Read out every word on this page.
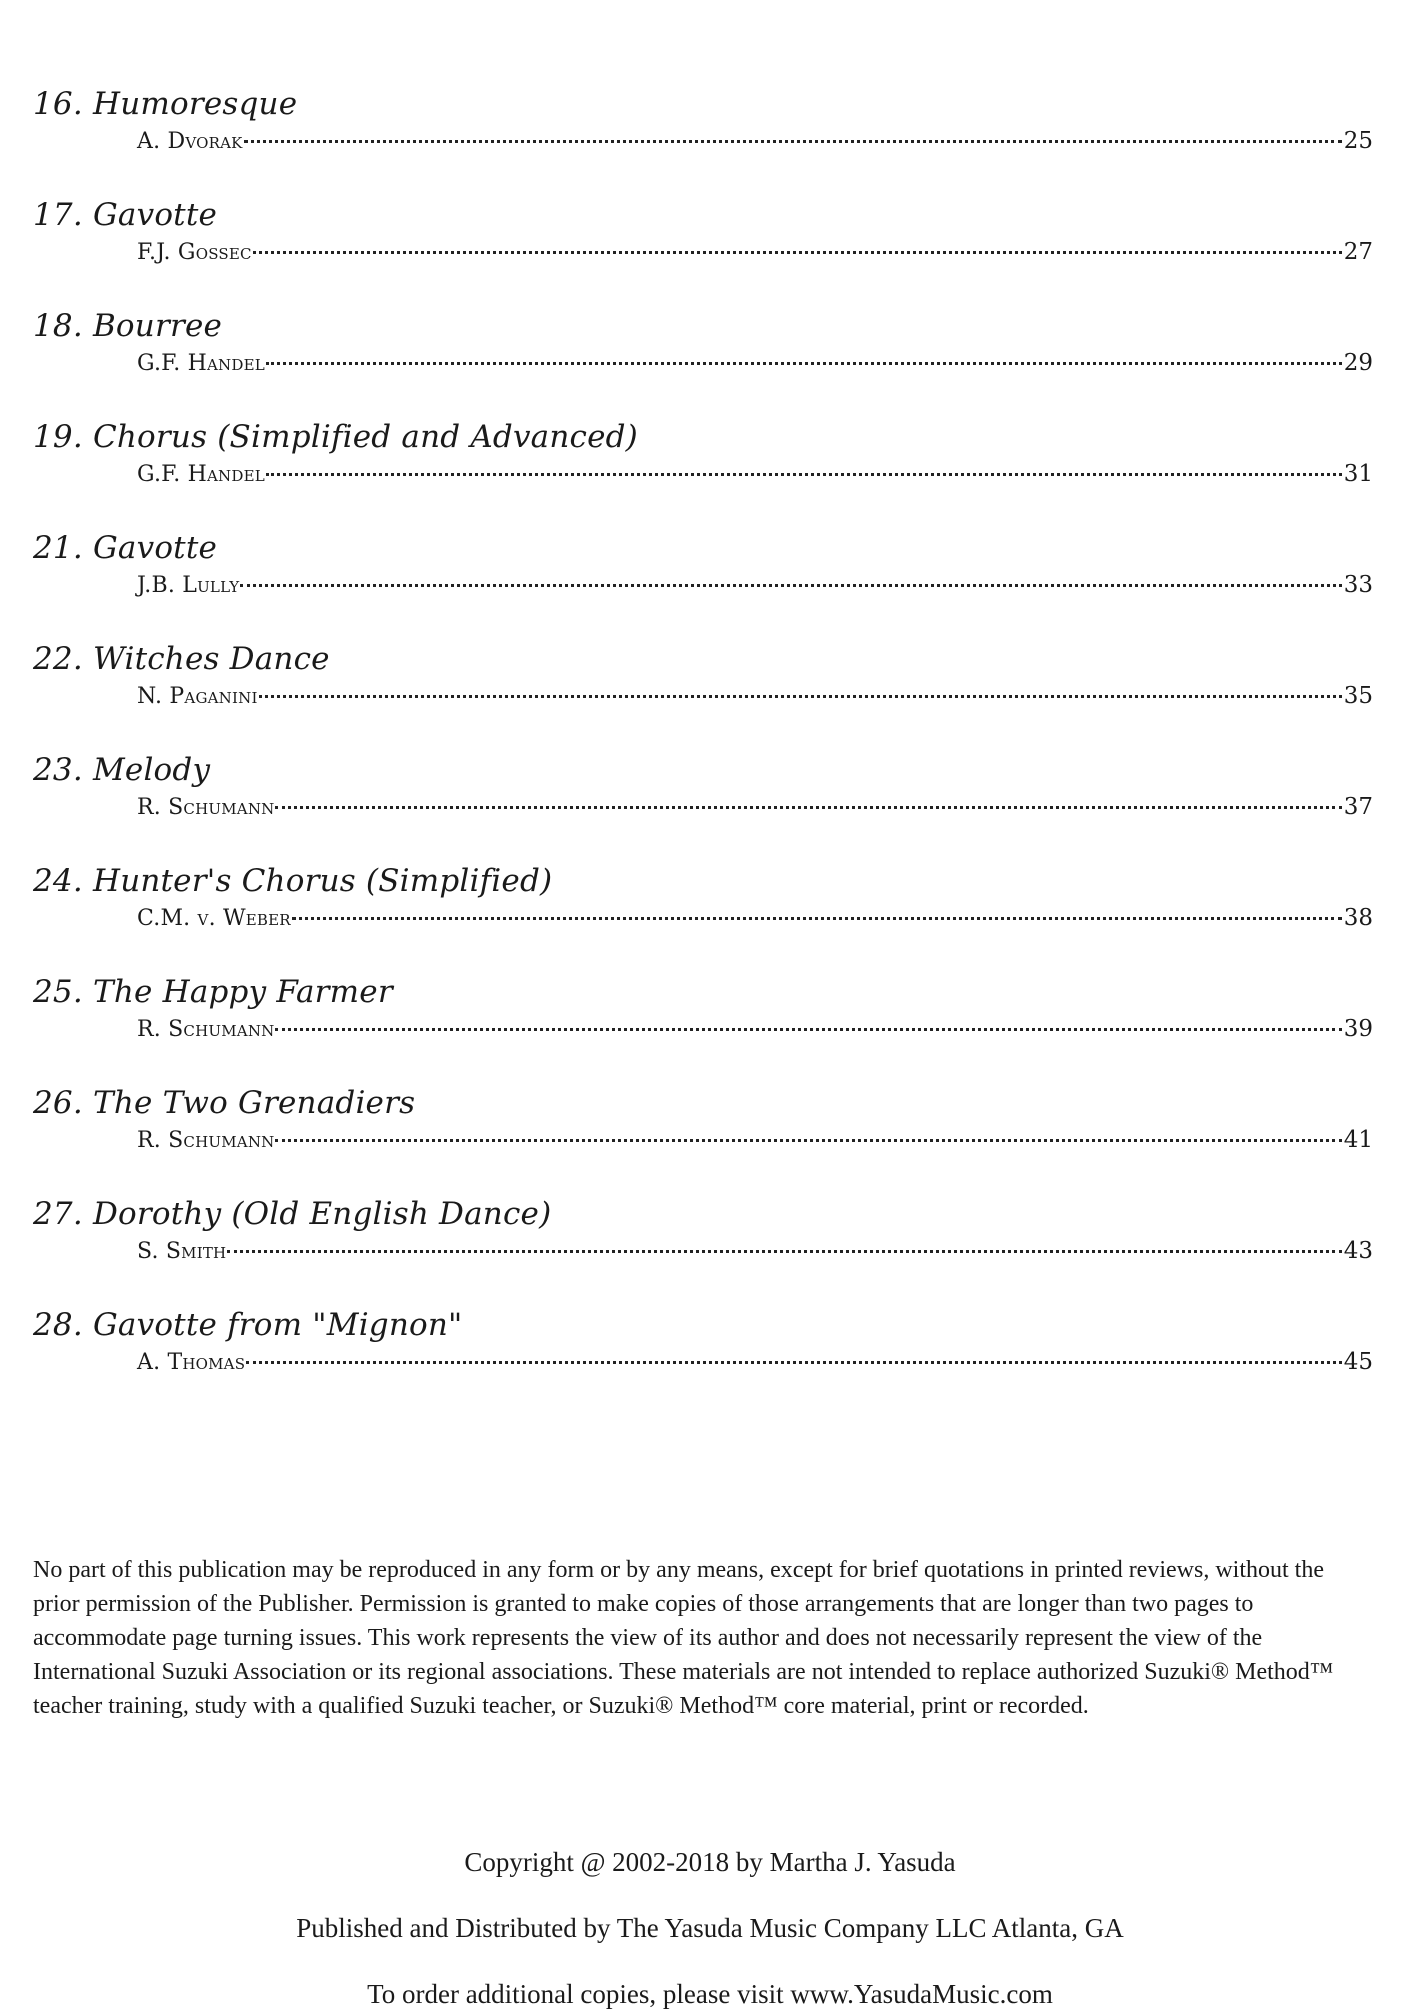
16. Humoresque
A. Dvorak	25
17. Gavotte
F.J. Gossec	27
18. Bourree
G.F. Handel	29
19. Chorus (Simplified and Advanced)
G.F. Handel	31
21. Gavotte
J.B. Lully	33
22. Witches Dance
N. Paganini	35
23. Melody
R. Schumann	37
24. Hunter's Chorus (Simplified)
C.M. v. Weber	38
25. The Happy Farmer
R. Schumann	39
26. The Two Grenadiers
R. Schumann	41
27. Dorothy (Old English Dance)
S. Smith	43
28. Gavotte from "Mignon"
A. Thomas	45
No part of this publication may be reproduced in any form or by any means, except for brief quotations in printed reviews, without the prior permission of the Publisher. Permission is granted to make copies of those arrangements that are longer than two pages to accommodate page turning issues. This work represents the view of its author and does not necessarily represent the view of the International Suzuki Association or its regional associations. These materials are not intended to replace authorized Suzuki® Method™ teacher training, study with a qualified Suzuki teacher, or Suzuki® Method™ core material, print or recorded.
Copyright @ 2002-2018 by Martha J. Yasuda
Published and Distributed by The Yasuda Music Company LLC Atlanta, GA
To order additional copies, please visit www.YasudaMusic.com
